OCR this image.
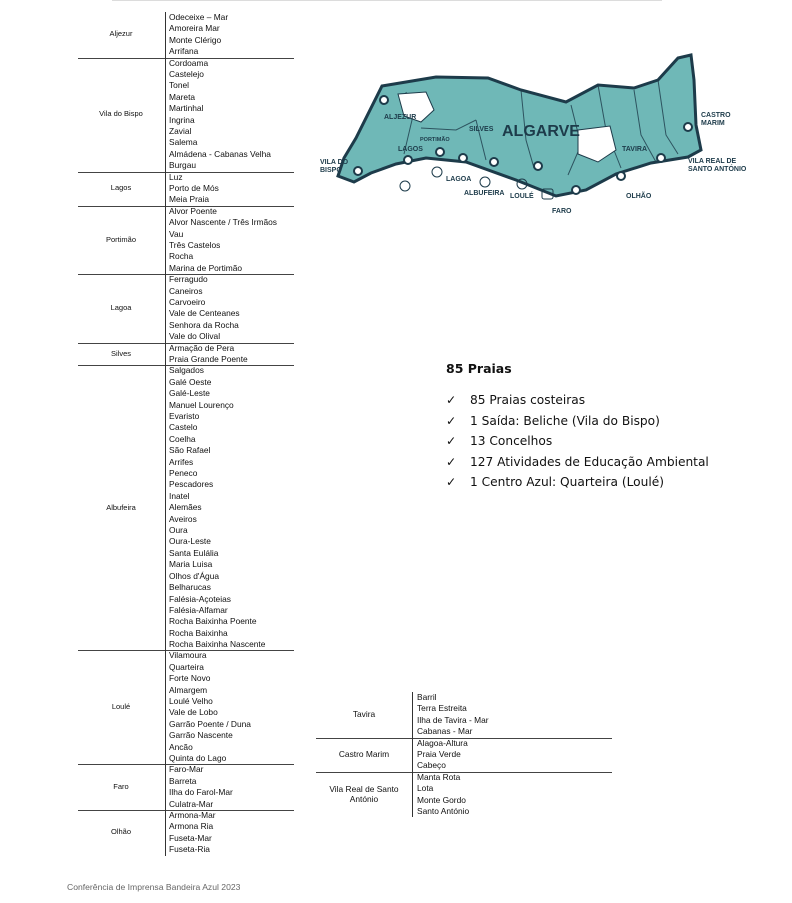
Aljezur
Odeceixe – Mar
Amoreira Mar
Monte Clérigo
Arrifana
Vila do Bispo
Cordoama
Castelejo
Tonel
Mareta
Martinhal
Ingrina
Zavial
Salema
Almádena - Cabanas Velha
Burgau
Lagos
Luz
Porto de Mós
Meia Praia
Portimão
Alvor Poente
Alvor Nascente / Três Irmãos
Vau
Três Castelos
Rocha
Marina de Portimão
Lagoa
Ferragudo
Caneiros
Carvoeiro
Vale de Centeanes
Senhora da Rocha
Vale do Olival
Silves
Armação de Pera
Praia Grande Poente
Albufeira
Salgados
Galé Oeste
Galé-Leste
Manuel Lourenço
Evaristo
Castelo
Coelha
São Rafael
Arrifes
Peneco
Pescadores
Inatel
Alemães
Aveiros
Oura
Oura-Leste
Santa Eulália
Maria Luisa
Olhos d'Água
Belharucas
Falésia-Açoteias
Falésia-Alfamar
Rocha Baixinha Poente
Rocha Baixinha
Rocha Baixinha Nascente
Loulé
Vilamoura
Quarteira
Forte Novo
Almargem
Loulé Velho
Vale de Lobo
Garrão Poente / Duna
Garrão Nascente
Ancão
Quinta do Lago
Faro
Faro-Mar
Barreta
Ilha do Farol-Mar
Culatra-Mar
Olhão
Armona-Mar
Armona Ria
Fuseta-Mar
Fuseta-Ria
Tavira
Barril
Terra Estreita
Ilha de Tavira - Mar
Cabanas - Mar
Castro Marim
Alagoa-Altura
Praia Verde
Cabeço
Vila Real de Santo António
Manta Rota
Lota
Monte Gordo
Santo António
ALGARVE
ALJEZUR
VILA DO
BISPO
LAGOS
PORTIMÃO
SILVES
LAGOA
ALBUFEIRA LOULÉ
FARO
OLHÃO
TAVIRA
CASTRO
MARIM
VILA REAL DE
SANTO ANTÓNIO
85 Praias
✓ 85 Praias costeiras
✓ 1 Saída: Beliche (Vila do Bispo)
✓ 13 Concelhos
✓ 127 Atividades de Educação Ambiental
✓ 1 Centro Azul: Quarteira (Loulé)
Conferência de Imprensa Bandeira Azul 2023
